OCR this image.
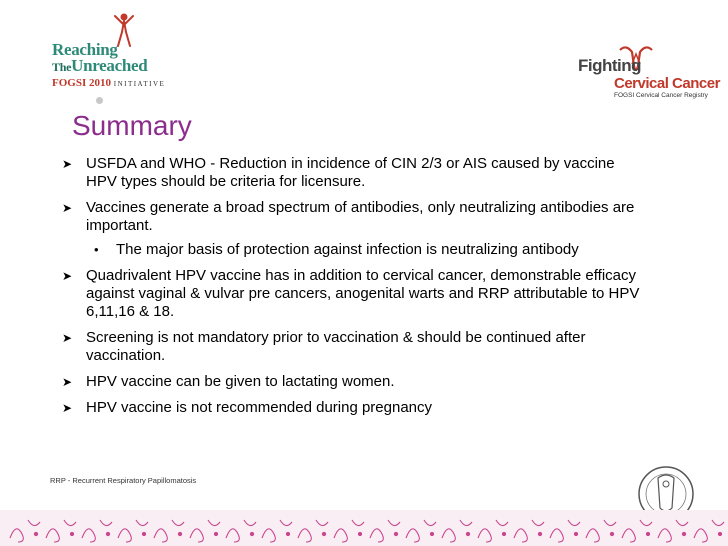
Reaching
TheUnreached
FOGSI 2010 INITIATIVE
Fighting
Cervical Cancer
FOGSI Cervical Cancer Registry
Summary
➤ USFDA and WHO - Reduction in incidence of CIN 2/3 or AIS caused by vaccine HPV types should be criteria for licensure.
➤ Vaccines generate a broad spectrum of antibodies, only neutralizing antibodies are important.
• The major basis of protection against infection is neutralizing antibody
➤ Quadrivalent HPV vaccine has in addition to cervical cancer, demonstrable efficacy against vaginal & vulvar pre cancers, anogenital warts and RRP attributable to HPV 6,11,16 & 18.
➤ Screening is not mandatory prior to vaccination & should be continued after vaccination.
➤ HPV vaccine can be given to lactating women.
➤ HPV vaccine is not recommended during pregnancy
RRP - Recurrent Respiratory Papillomatosis
